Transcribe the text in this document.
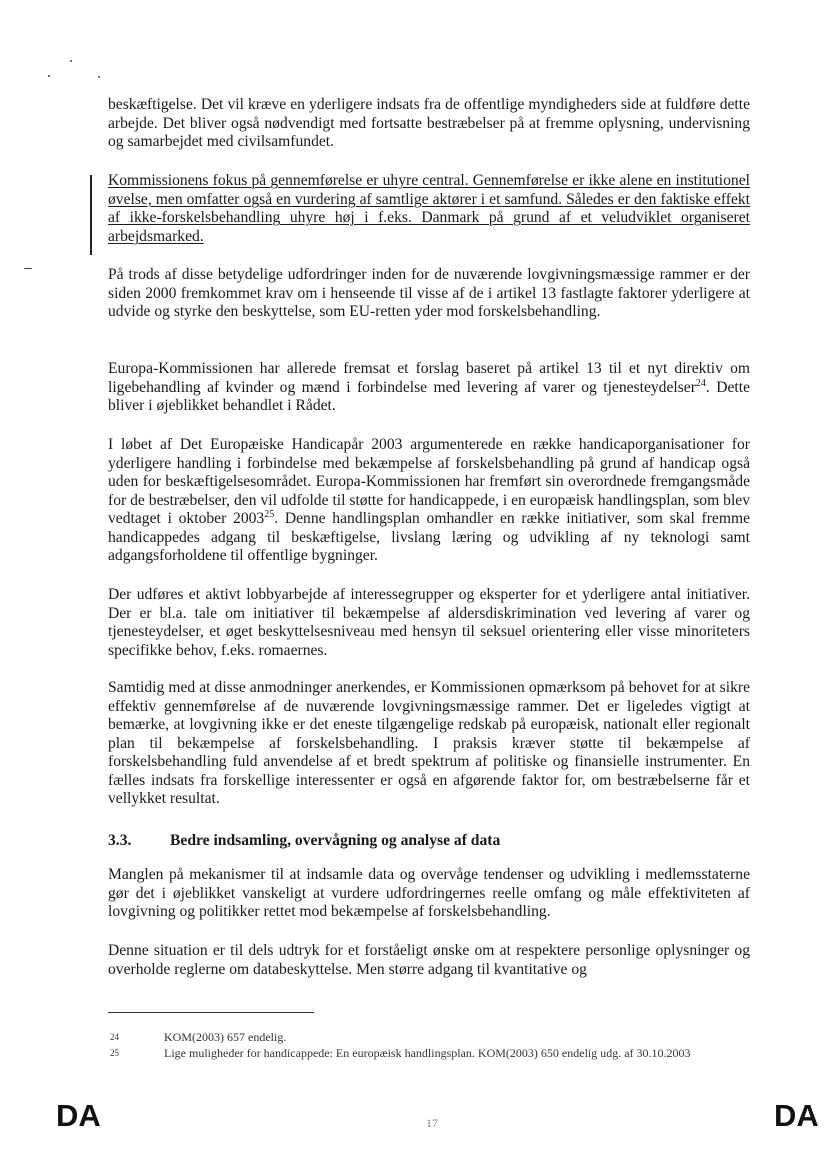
beskæftigelse. Det vil kræve en yderligere indsats fra de offentlige myndigheders side at fuldføre dette arbejde. Det bliver også nødvendigt med fortsatte bestræbelser på at fremme oplysning, undervisning og samarbejdet med civilsamfundet.

Kommissionens fokus på gennemførelse er uhyre central. Gennemførelse er ikke alene en institutionel øvelse, men omfatter også en vurdering af samtlige aktører i et samfund. Således er den faktiske effekt af ikke-forskelsbehandling uhyre høj i f.eks. Danmark på grund af et veludviklet organiseret arbejdsmarked.

På trods af disse betydelige udfordringer inden for de nuværende lovgivningsmæssige rammer er der siden 2000 fremkommet krav om i henseende til visse af de i artikel 13 fastlagte faktorer yderligere at udvide og styrke den beskyttelse, som EU-retten yder mod forskelsbehandling.

Europa-Kommissionen har allerede fremsat et forslag baseret på artikel 13 til et nyt direktiv om ligebehandling af kvinder og mænd i forbindelse med levering af varer og tjenesteydelser$^{24}$. Dette bliver i øjeblikket behandlet i Rådet.

I løbet af Det Europæiske Handicapår 2003 argumenterede en række handicaporganisationer for yderligere handling i forbindelse med bekæmpelse af forskelsbehandling på grund af handicap også uden for beskæftigelsesområdet. Europa-Kommissionen har fremført sin overordnede fremgangsmåde for de bestræbelser, den vil udfolde til støtte for handicappede, i en europæisk handlingsplan, som blev vedtaget i oktober 2003$^{25}$. Denne handlingsplan omhandler en række initiativer, som skal fremme handicappedes adgang til beskæftigelse, livslang læring og udvikling af ny teknologi samt adgangsforholdene til offentlige bygninger.

Der udføres et aktivt lobbyarbejde af interessegrupper og eksperter for et yderligere antal initiativer. Der er bl.a. tale om initiativer til bekæmpelse af aldersdiskrimination ved levering af varer og tjenesteydelser, et øget beskyttelsesniveau med hensyn til seksuel orientering eller visse minoriteters specifikke behov, f.eks. romaernes.

Samtidig med at disse anmodninger anerkendes, er Kommissionen opmærksom på behovet for at sikre effektiv gennemførelse af de nuværende lovgivningsmæssige rammer. Det er ligeledes vigtigt at bemærke, at lovgivning ikke er det eneste tilgængelige redskab på europæisk, nationalt eller regionalt plan til bekæmpelse af forskelsbehandling. I praksis kræver støtte til bekæmpelse af forskelsbehandling fuld anvendelse af et bredt spektrum af politiske og finansielle instrumenter. En fælles indsats fra forskellige interessenter er også en afgørende faktor for, om bestræbelserne får et vellykket resultat.

3.3. Bedre indsamling, overvågning og analyse af data

Manglen på mekanismer til at indsamle data og overvåge tendenser og udvikling i medlemsstaterne gør det i øjeblikket vanskeligt at vurdere udfordringernes reelle omfang og måle effektiviteten af lovgivning og politikker rettet mod bekæmpelse af forskelsbehandling.

Denne situation er til dels udtryk for et forståeligt ønske om at respektere personlige oplysninger og overholde reglerne om databeskyttelse. Men større adgang til kvantitative og

24	KOM(2003) 657 endelig.
25	Lige muligheder for handicappede: En europæisk handlingsplan. KOM(2003) 650 endelig udg. af 30.10.2003

DA	17	DA
